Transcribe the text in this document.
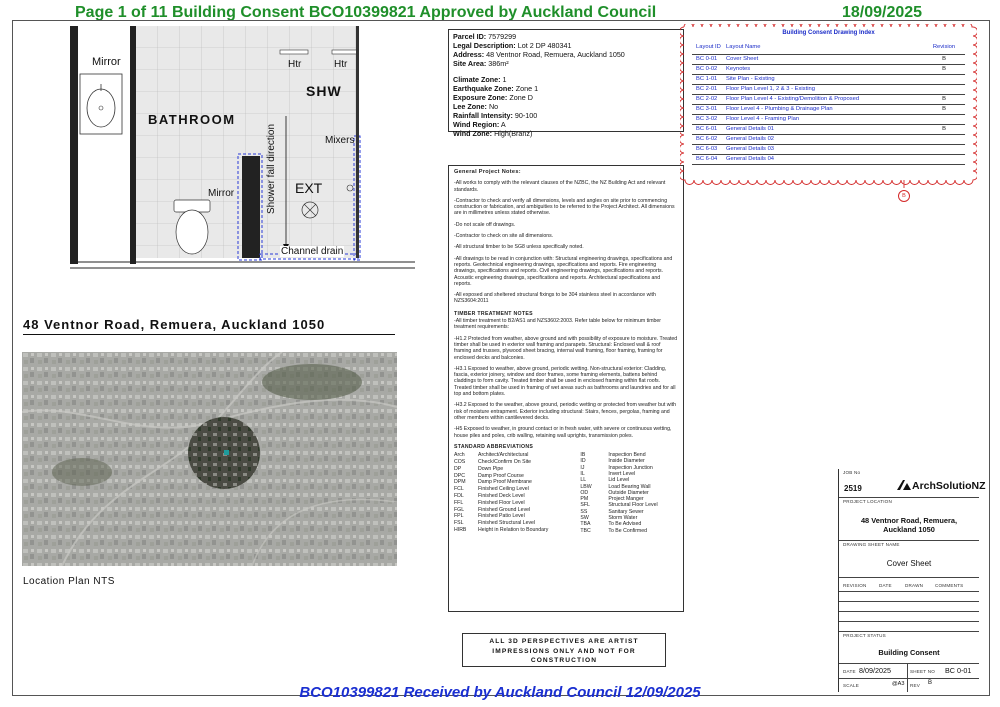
Page 1 of 11 Building Consent BCO10399821 Approved by Auckland Council	18/09/2025
Mirror	Htr	Htr
SHW
BATHROOM
Shower fall direction	Mixers
EXT
Mirror
Channel drain
48 Ventnor Road, Remuera, Auckland 1050
Location Plan NTS
Parcel ID: 7579299
Legal Description: Lot 2 DP 480341
Address: 48 Ventnor Road, Remuera, Auckland 1050
Site Area: 386m²
Climate Zone: 1
Earthquake Zone: Zone 1
Exposure Zone: Zone D
Lee Zone: No
Rainfall Intensity: 90-100
Wind Region: A
Wind Zone: High(Branz)

General Project Notes:

-All works to comply with the relevant clauses of the NZBC, the NZ Building Act and relevant standards.

-Contractor to check and verify all dimensions, levels and angles on site prior to commencing construction or fabrication, and ambiguities to be referred to the Project Architect. All dimensions are in millimetres unless stated otherwise.

-Do not scale off drawings.

-Contractor to check on site all dimensions.

-All structural timber to be SG8 unless specifically noted.

-All drawings to be read in conjunction with: Structural engineering drawings, specifications and reports. Geotechnical engineering drawings, specifications and reports. Fire engineering drawings, specifications and reports. Civil engineering drawings, specifications and reports. Acoustic engineering drawings, specifications and reports. Architectural specifications and reports.

-All exposed and sheltered structural fixings to be 304 stainless steel in accordance with NZS3604:2011

TIMBER TREATMENT NOTES

-All timber treatment to B2/AS1 and NZS3602:2003. Refer table below for minimum timber treatment requirements:

-H1.2 Protected from weather, above ground and with possibility of exposure to moisture. Treated timber shall be used in exterior wall framing and parapets. Structural: Enclosed wall & roof framing and trusses, plywood sheet bracing, internal wall framing, floor framing, framing for enclosed decks and balconies.

-H3.1 Exposed to weather, above ground, periodic wetting. Non-structural exterior: Cladding, fascia, exterior joinery, window and door frames, some framing elements, battens behind claddings to form cavity. Treated timber shall be used in enclosed framing within flat roofs. Treated timber shall be used in framing of wet areas such as bathrooms and laundries and for all top and bottom plates.

-H3.2 Exposed to the weather, above ground, periodic wetting or protected from weather but with risk of moisture entrapment. Exterior including structural: Stairs, fences, pergolas, framing and other members within cantilevered decks.

-H5 Exposed to weather, in ground contact or in fresh water, with severe or continuous wetting, house piles and poles, crib walling, retaining wall uprights, transmission poles.

STANDARD ABBREVIATIONS

Arch	Architect/Architectural
COS	Check/Confirm On Site
DP	Down Pipe
DPC	Damp Proof Course
DPM	Damp Proof Membrane
FCL	Finished Ceiling Level
FDL	Finished Deck Level
FFL	Finished Floor Level
FGL	Finished Ground Level
FPL	Finished Patio Level
FSL	Finished Structural Level
HIRB	Height in Relation to Boundary
IB	Inspection Bend
ID	Inside Diameter
IJ	Inspection Junction
IL	Invert Level
LL	Lid Level
LBW	Load Bearing Wall
OD	Outside Diameter
PM	Project Manger
SFL	Structural Floor Level
SS	Sanitary Sewer
SW	Storm Water
TBA	To Be Advised
TBC	To Be Confirmed
ALL 3D PERSPECTIVES ARE ARTIST
IMPRESSIONS ONLY AND NOT FOR
CONSTRUCTION
Building Consent Drawing Index
Layout ID	Layout Name	Revision
BC 0-01	Cover Sheet	B
BC 0-02	Keynotes	B
BC 1-01	Site Plan - Existing	
BC 2-01	Floor Plan Level 1, 2 & 3 - Existing	
BC 2-02	Floor Plan Level 4 - Existing/Demolition & Proposed	B
BC 3-01	Floor Level 4 - Plumbing & Drainage Plan	B
BC 3-02	Floor Level 4 - Framing Plan	
BC 6-01	General Details 01	B
BC 6-02	General Details 02	
BC 6-03	General Details 03	
BC 6-04	General Details 04	
B
JOB No
2519	ArchSolutioNZ
PROJECT LOCATION
48 Ventnor Road, Remuera,
Auckland 1050
DRAWING SHEET NAME
Cover Sheet
REVISION	DATE	DRAWN	COMMENTS
PROJECT STATUS
Building Consent
DATE 8/09/2025	SHEET NO BC 0-01
SCALE	@A3 REV B
BCO10399821 Received by Auckland Council 12/09/2025
